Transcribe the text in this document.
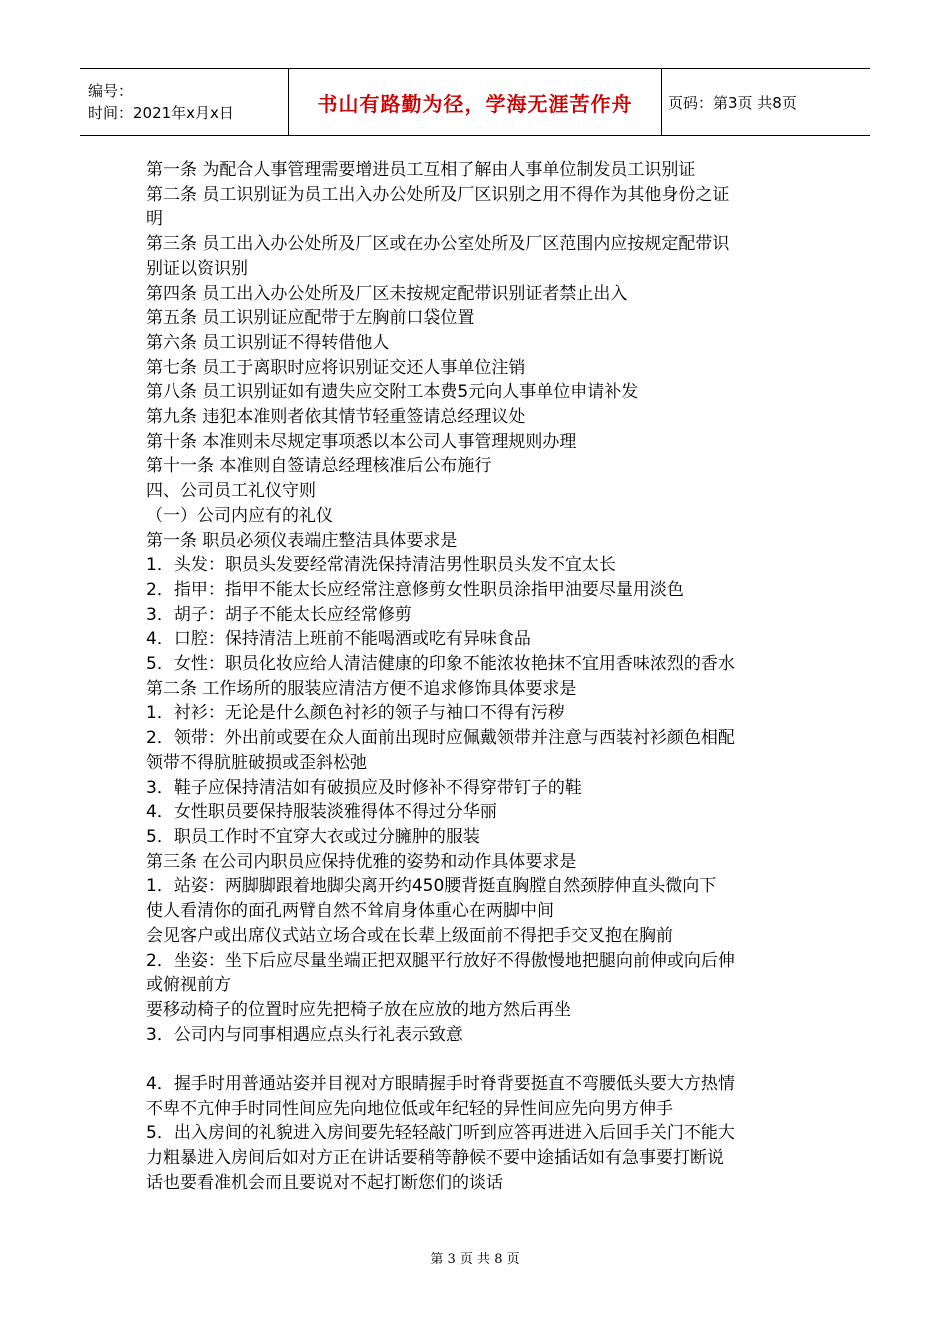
编号：
时间：2021年x月x日	书山有路勤为径，学海无涯苦作舟	页码：第3页 共8页
第一条 为配合人事管理需要增进员工互相了解由人事单位制发员工识别证
第二条 员工识别证为员工出入办公处所及厂区识别之用不得作为其他身份之证
明
第三条 员工出入办公处所及厂区或在办公室处所及厂区范围内应按规定配带识
别证以资识别
第四条 员工出入办公处所及厂区未按规定配带识别证者禁止出入
第五条 员工识别证应配带于左胸前口袋位置
第六条 员工识别证不得转借他人
第七条 员工于离职时应将识别证交还人事单位注销
第八条 员工识别证如有遗失应交附工本费5元向人事单位申请补发
第九条 违犯本准则者依其情节轻重签请总经理议处
第十条 本准则未尽规定事项悉以本公司人事管理规则办理
第十一条 本准则自签请总经理核准后公布施行
四、公司员工礼仪守则
（一）公司内应有的礼仪
第一条 职员必须仪表端庄整洁具体要求是
1．头发：职员头发要经常清洗保持清洁男性职员头发不宜太长
2．指甲：指甲不能太长应经常注意修剪女性职员涂指甲油要尽量用淡色
3．胡子：胡子不能太长应经常修剪
4．口腔：保持清洁上班前不能喝酒或吃有异味食品
5．女性：职员化妆应给人清洁健康的印象不能浓妆艳抹不宜用香味浓烈的香水
第二条 工作场所的服装应清洁方便不追求修饰具体要求是
1．衬衫：无论是什么颜色衬衫的领子与袖口不得有污秽
2．领带：外出前或要在众人面前出现时应佩戴领带并注意与西装衬衫颜色相配
领带不得肮脏破损或歪斜松弛
3．鞋子应保持清洁如有破损应及时修补不得穿带钉子的鞋
4．女性职员要保持服装淡雅得体不得过分华丽
5．职员工作时不宜穿大衣或过分臃肿的服装
第三条 在公司内职员应保持优雅的姿势和动作具体要求是
1．站姿：两脚脚跟着地脚尖离开约450腰背挺直胸膛自然颈脖伸直头微向下
使人看清你的面孔两臂自然不耸肩身体重心在两脚中间
会见客户或出席仪式站立场合或在长辈上级面前不得把手交叉抱在胸前
2．坐姿：坐下后应尽量坐端正把双腿平行放好不得傲慢地把腿向前伸或向后伸
或俯视前方
要移动椅子的位置时应先把椅子放在应放的地方然后再坐
3．公司内与同事相遇应点头行礼表示致意
4．握手时用普通站姿并目视对方眼睛握手时脊背要挺直不弯腰低头要大方热情
不卑不亢伸手时同性间应先向地位低或年纪轻的异性间应先向男方伸手
5．出入房间的礼貌进入房间要先轻轻敲门听到应答再进进入后回手关门不能大
力粗暴进入房间后如对方正在讲话要稍等静候不要中途插话如有急事要打断说
话也要看准机会而且要说对不起打断您们的谈话
第 3 页 共 8 页
